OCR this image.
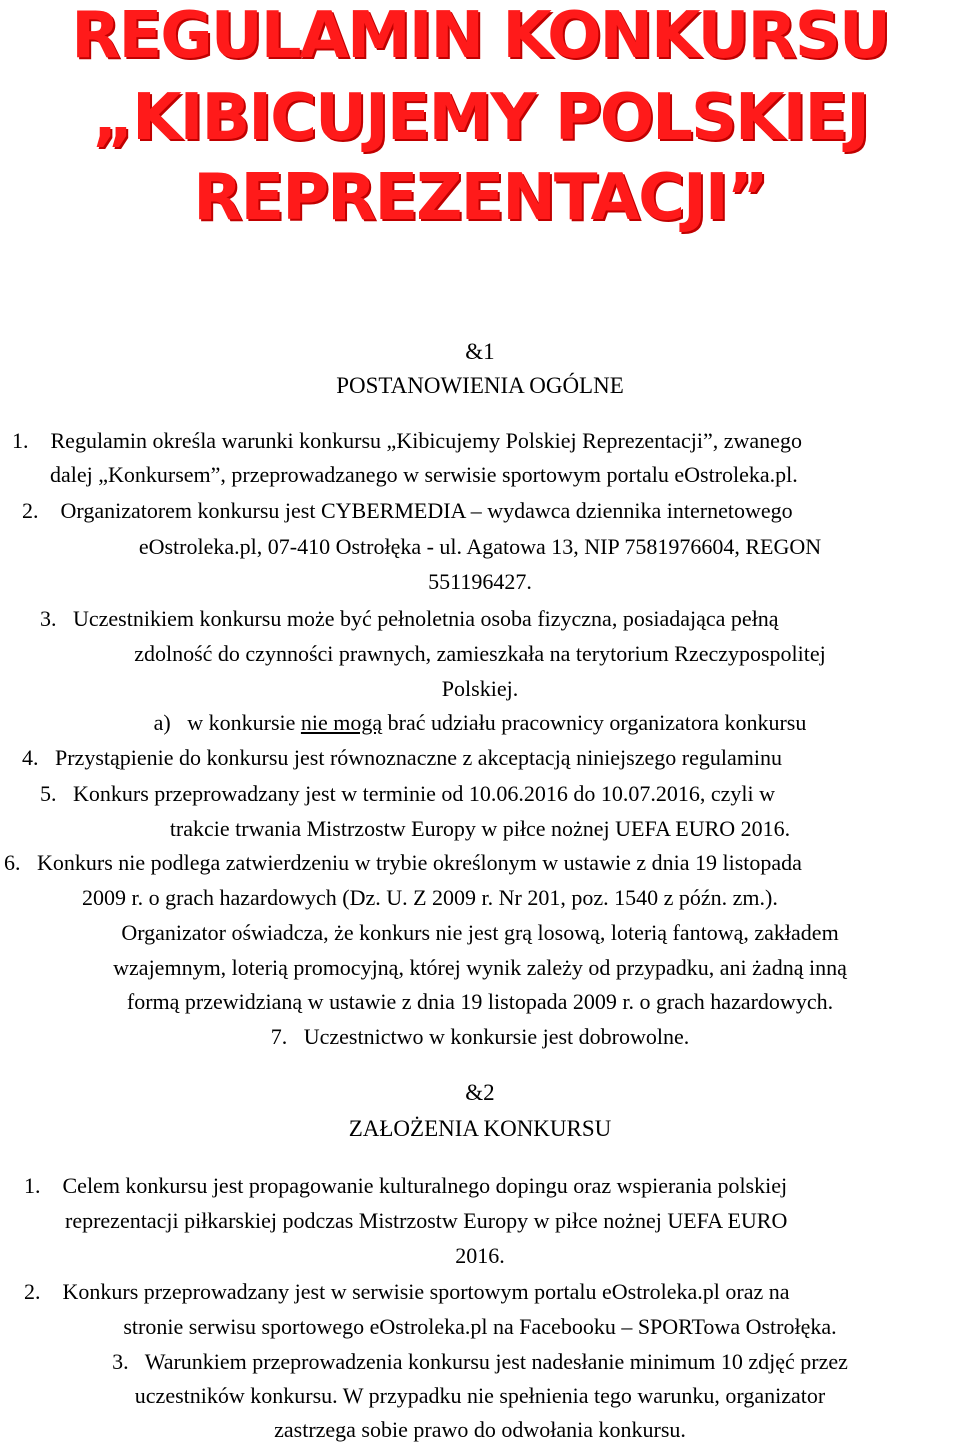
REGULAMIN KONKURSU
„KIBICUJEMY POLSKIEJ
REPREZENTACJI”
&1
POSTANOWIENIA OGÓLNE
1. Regulamin określa warunki konkursu „Kibicujemy Polskiej Reprezentacji”, zwanego
dalej „Konkursem”, przeprowadzanego w serwisie sportowym portalu eOstroleka.pl.
2. Organizatorem konkursu jest CYBERMEDIA – wydawca dziennika internetowego
eOstroleka.pl, 07-410 Ostrołęka - ul. Agatowa 13, NIP 7581976604, REGON
551196427.
3. Uczestnikiem konkursu może być pełnoletnia osoba fizyczna, posiadająca pełną
zdolność do czynności prawnych, zamieszkała na terytorium Rzeczypospolitej
Polskiej.
a) w konkursie nie mogą brać udziału pracownicy organizatora konkursu
4. Przystąpienie do konkursu jest równoznaczne z akceptacją niniejszego regulaminu
5. Konkurs przeprowadzany jest w terminie od 10.06.2016 do 10.07.2016, czyli w
trakcie trwania Mistrzostw Europy w piłce nożnej UEFA EURO 2016.
6. Konkurs nie podlega zatwierdzeniu w trybie określonym w ustawie z dnia 19 listopada
2009 r. o grach hazardowych (Dz. U. Z 2009 r. Nr 201, poz. 1540 z późn. zm.).
Organizator oświadcza, że konkurs nie jest grą losową, loterią fantową, zakładem
wzajemnym, loterią promocyjną, której wynik zależy od przypadku, ani żadną inną
formą przewidzianą w ustawie z dnia 19 listopada 2009 r. o grach hazardowych.
7. Uczestnictwo w konkursie jest dobrowolne.
&2
ZAŁOŻENIA KONKURSU
1. Celem konkursu jest propagowanie kulturalnego dopingu oraz wspierania polskiej
reprezentacji piłkarskiej podczas Mistrzostw Europy w piłce nożnej UEFA EURO
2016.
2. Konkurs przeprowadzany jest w serwisie sportowym portalu eOstroleka.pl oraz na
stronie serwisu sportowego eOstroleka.pl na Facebooku – SPORTowa Ostrołęka.
3. Warunkiem przeprowadzenia konkursu jest nadesłanie minimum 10 zdjęć przez
uczestników konkursu. W przypadku nie spełnienia tego warunku, organizator
zastrzega sobie prawo do odwołania konkursu.
